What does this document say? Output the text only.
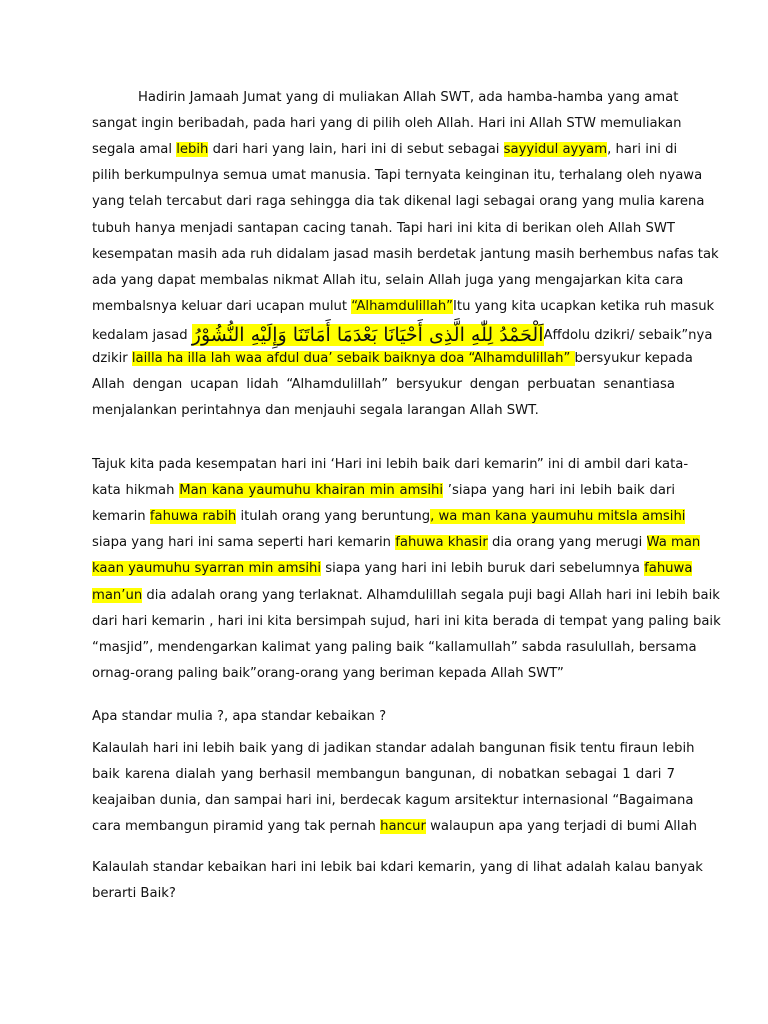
Hadirin Jamaah Jumat yang di muliakan Allah SWT, ada hamba-hamba yang amat
sangat ingin beribadah, pada hari yang di pilih oleh Allah. Hari ini Allah STW memuliakan
segala amal lebih dari hari yang lain, hari ini di sebut sebagai sayyidul ayyam, hari ini di
pilih berkumpulnya semua umat manusia. Tapi ternyata keinginan itu, terhalang oleh nyawa
yang telah tercabut dari raga sehingga dia tak dikenal lagi sebagai orang yang mulia karena
tubuh hanya menjadi santapan cacing tanah. Tapi hari ini kita di berikan oleh Allah SWT
kesempatan masih ada ruh didalam jasad masih berdetak jantung masih berhembus nafas tak
ada yang dapat membalas nikmat Allah itu, selain Allah juga yang mengajarkan kita cara
membalsnya keluar dari ucapan mulut “Alhamdulillah”Itu yang kita ucapkan ketika ruh masuk
kedalam jasad اَلْحَمْدُ لِلّٰهِ الَّذِى أَحْيَانَا بَعْدَمَا أَمَاتَنَا وَإِلَيْهِ النُّشُوْرُAffdolu dzikri/ sebaik”nya
dzikir lailla ha illa lah waa afdul dua’ sebaik baiknya doa “Alhamdulillah” bersyukur kepada
Allah dengan ucapan lidah “Alhamdulillah” bersyukur dengan perbuatan senantiasa
menjalankan perintahnya dan menjauhi segala larangan Allah SWT.
Tajuk kita pada kesempatan hari ini ‘Hari ini lebih baik dari kemarin” ini di ambil dari kata-
kata hikmah Man kana yaumuhu khairan min amsihi ’siapa yang hari ini lebih baik dari
kemarin fahuwa rabih itulah orang yang beruntung, wa man kana yaumuhu mitsla amsihi
siapa yang hari ini sama seperti hari kemarin fahuwa khasir dia orang yang merugi Wa man
kaan yaumuhu syarran min amsihi siapa yang hari ini lebih buruk dari sebelumnya fahuwa
man’un dia adalah orang yang terlaknat. Alhamdulillah segala puji bagi Allah hari ini lebih baik
dari hari kemarin , hari ini kita bersimpah sujud, hari ini kita berada di tempat yang paling baik
“masjid”, mendengarkan kalimat yang paling baik “kallamullah” sabda rasulullah, bersama
ornag-orang paling baik”orang-orang yang beriman kepada Allah SWT”
Apa standar mulia ?, apa standar kebaikan ?
Kalaulah hari ini lebih baik yang di jadikan standar adalah bangunan fisik tentu firaun lebih
baik karena dialah yang berhasil membangun bangunan, di nobatkan sebagai 1 dari 7
keajaiban dunia, dan sampai hari ini, berdecak kagum arsitektur internasional “Bagaimana
cara membangun piramid yang tak pernah hancur walaupun apa yang terjadi di bumi Allah
Kalaulah standar kebaikan hari ini lebik bai kdari kemarin, yang di lihat adalah kalau banyak
berarti Baik?
